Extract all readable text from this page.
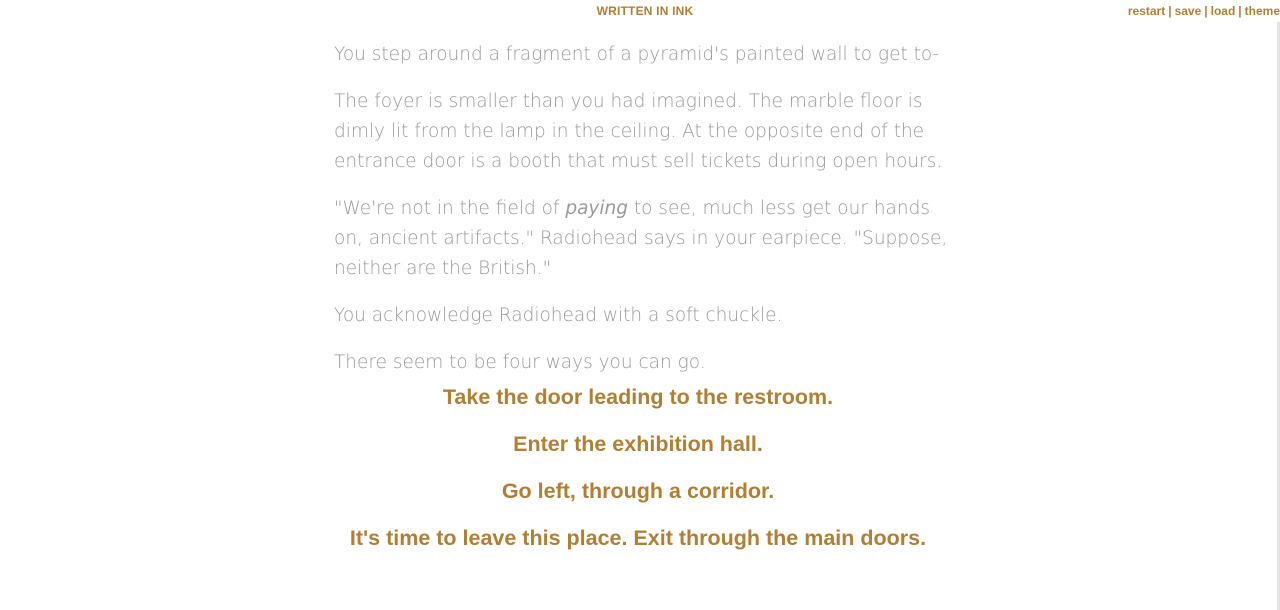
WRITTEN IN INK	restart | save | load | theme

You step around a fragment of a pyramid's painted wall to get to-

The foyer is smaller than you had imagined. The marble floor is dimly lit from the lamp in the ceiling. At the opposite end of the entrance door is a booth that must sell tickets during open hours.

"We're not in the field of paying to see, much less get our hands on, ancient artifacts." Radiohead says in your earpiece. "Suppose, neither are the British."

You acknowledge Radiohead with a soft chuckle.

There seem to be four ways you can go.

Take the door leading to the restroom.
Enter the exhibition hall.
Go left, through a corridor.
It's time to leave this place. Exit through the main doors.
